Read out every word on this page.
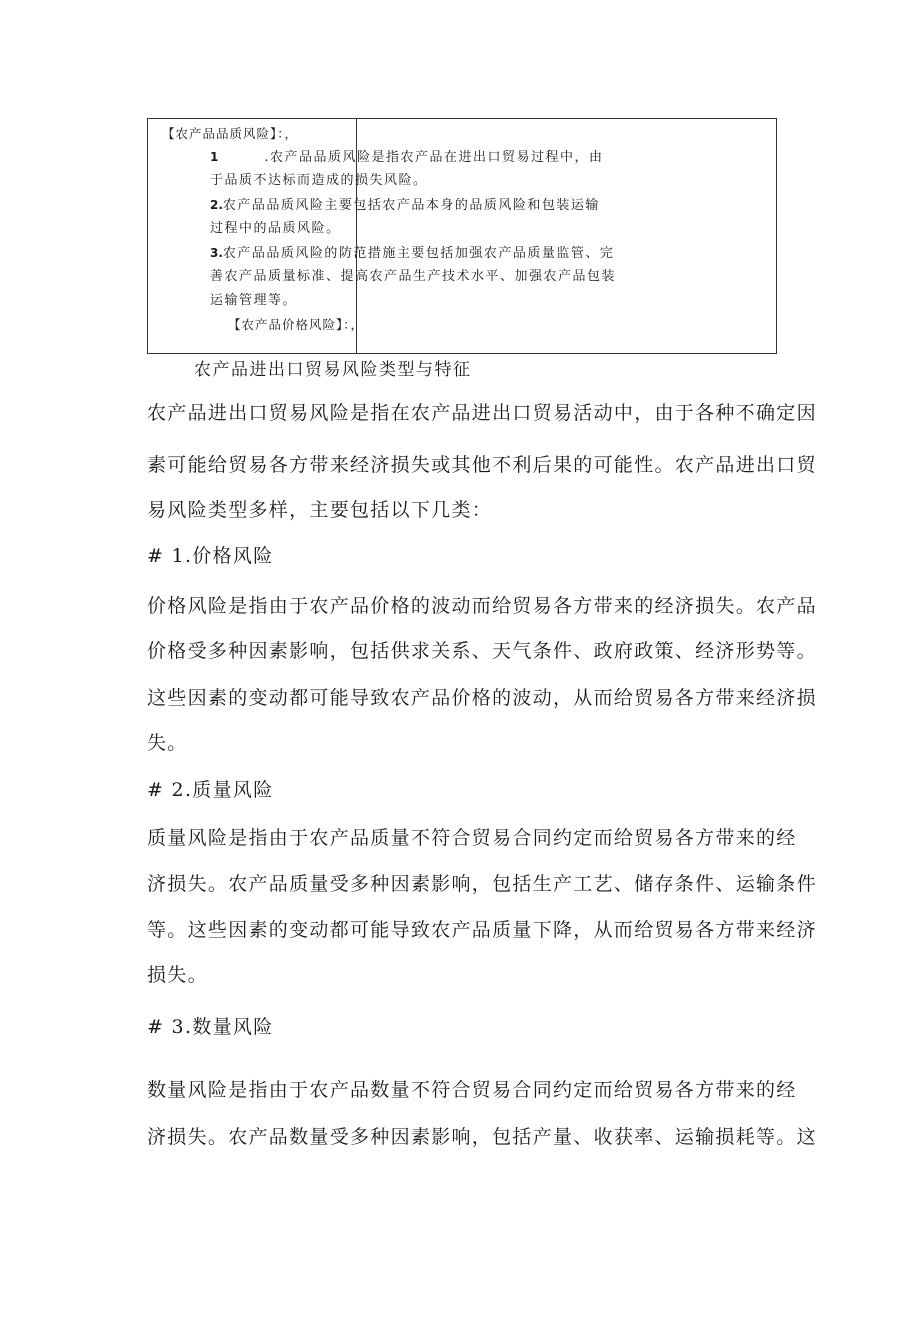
【农产品品质风险】：，
1	.农产品品质风险是指农产品在进出口贸易过程中，由
于品质不达标而造成的损失风险。
2.农产品品质风险主要包括农产品本身的品质风险和包装运输
过程中的品质风险。
3.农产品品质风险的防范措施主要包括加强农产品质量监管、完
善农产品质量标准、提高农产品生产技术水平、加强农产品包装
运输管理等。
【农产品价格风险】：，
农产品进出口贸易风险类型与特征
农产品进出口贸易风险是指在农产品进出口贸易活动中，由于各种不确定因
素可能给贸易各方带来经济损失或其他不利后果的可能性。农产品进出口贸
易风险类型多样，主要包括以下几类：
# 1.价格风险
价格风险是指由于农产品价格的波动而给贸易各方带来的经济损失。农产品
价格受多种因素影响，包括供求关系、天气条件、政府政策、经济形势等。
这些因素的变动都可能导致农产品价格的波动，从而给贸易各方带来经济损
失。
# 2.质量风险
质量风险是指由于农产品质量不符合贸易合同约定而给贸易各方带来的经
济损失。农产品质量受多种因素影响，包括生产工艺、储存条件、运输条件
等。这些因素的变动都可能导致农产品质量下降，从而给贸易各方带来经济
损失。
# 3.数量风险
数量风险是指由于农产品数量不符合贸易合同约定而给贸易各方带来的经
济损失。农产品数量受多种因素影响，包括产量、收获率、运输损耗等。这
